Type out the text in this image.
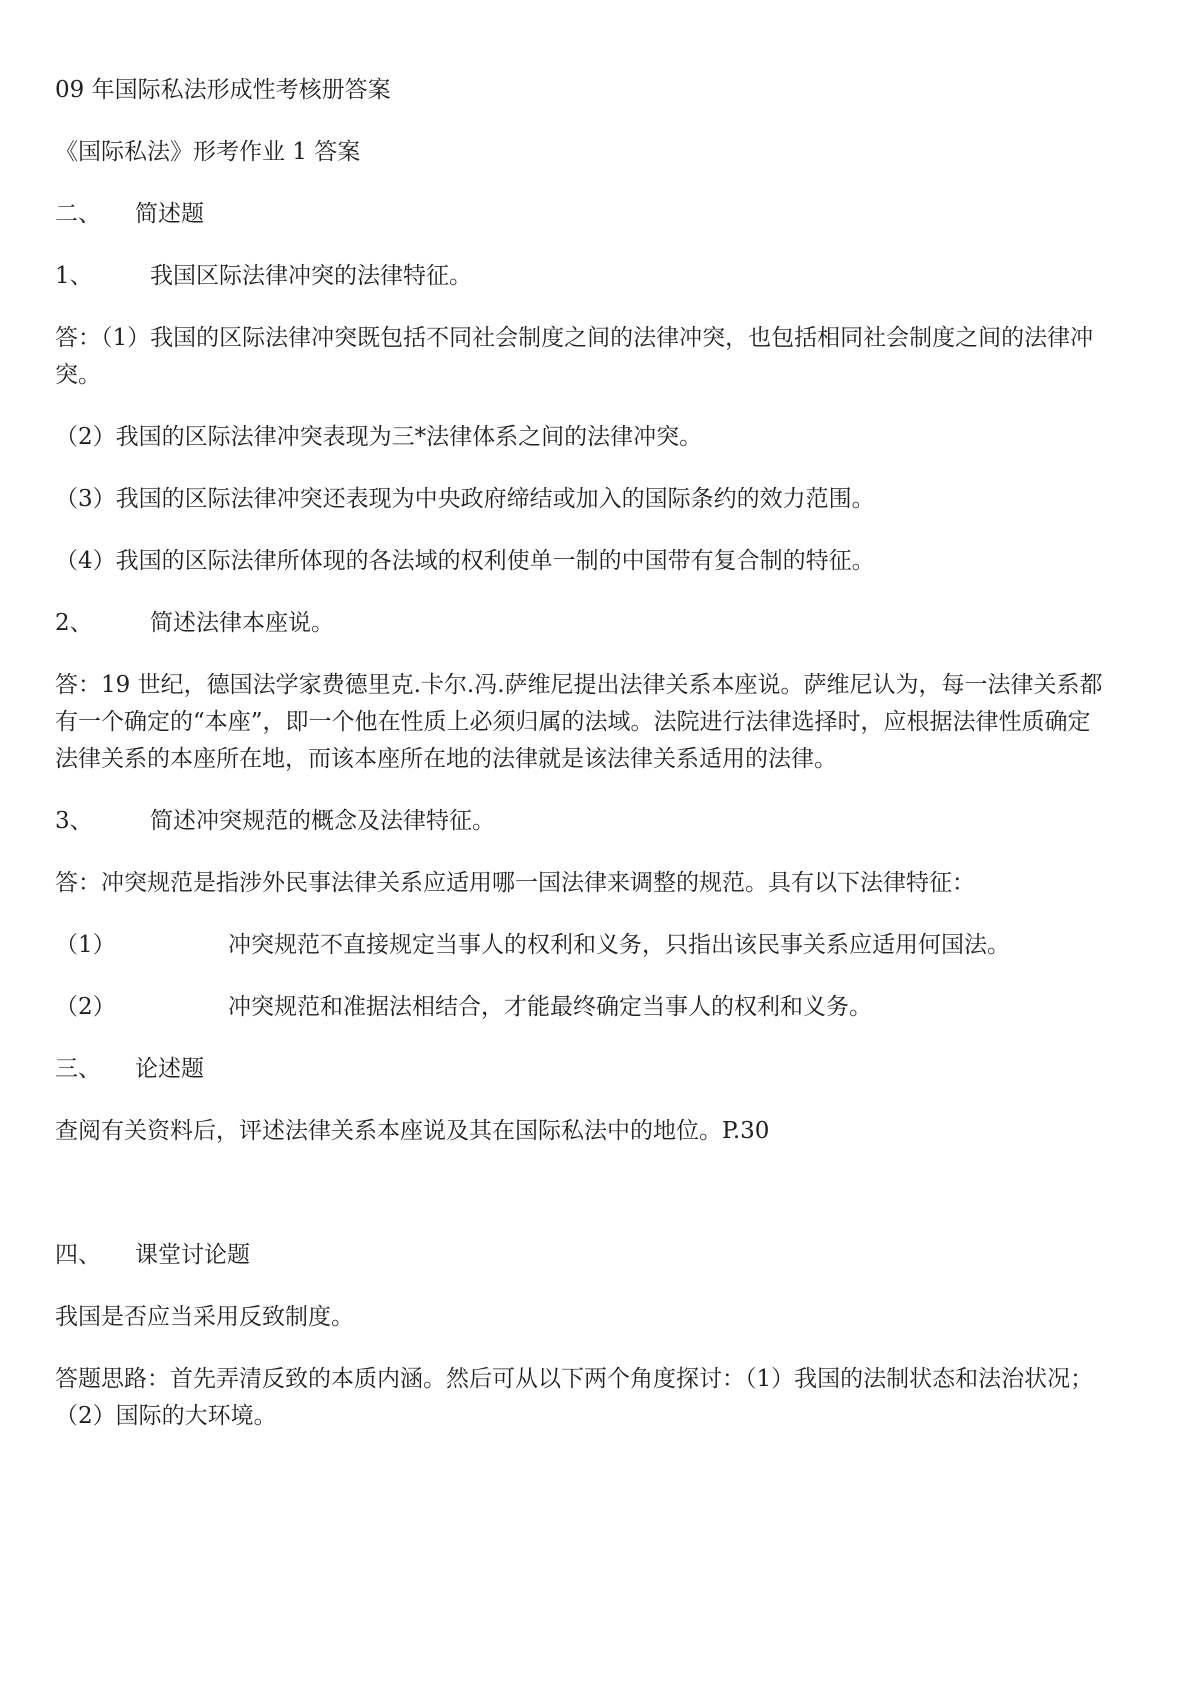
09 年国际私法形成性考核册答案

《国际私法》形考作业 1 答案

二、 简述题

1、 我国区际法律冲突的法律特征。

答：（1）我国的区际法律冲突既包括不同社会制度之间的法律冲突，也包括相同社会制度之间的法律冲突。

（2）我国的区际法律冲突表现为三*法律体系之间的法律冲突。

（3）我国的区际法律冲突还表现为中央政府缔结或加入的国际条约的效力范围。

（4）我国的区际法律所体现的各法域的权利使单一制的中国带有复合制的特征。

2、 简述法律本座说。

答：19 世纪，德国法学家费德里克.卡尔.冯.萨维尼提出法律关系本座说。萨维尼认为，每一法律关系都有一个确定的“本座”，即一个他在性质上必须归属的法域。法院进行法律选择时，应根据法律性质确定法律关系的本座所在地，而该本座所在地的法律就是该法律关系适用的法律。

3、 简述冲突规范的概念及法律特征。

答：冲突规范是指涉外民事法律关系应适用哪一国法律来调整的规范。具有以下法律特征：

（1）	冲突规范不直接规定当事人的权利和义务，只指出该民事关系应适用何国法。

（2）	冲突规范和准据法相结合，才能最终确定当事人的权利和义务。

三、 论述题

查阅有关资料后，评述法律关系本座说及其在国际私法中的地位。P.30

四、 课堂讨论题

我国是否应当采用反致制度。

答题思路：首先弄清反致的本质内涵。然后可从以下两个角度探讨：（1）我国的法制状态和法治状况；（2）国际的大环境。
